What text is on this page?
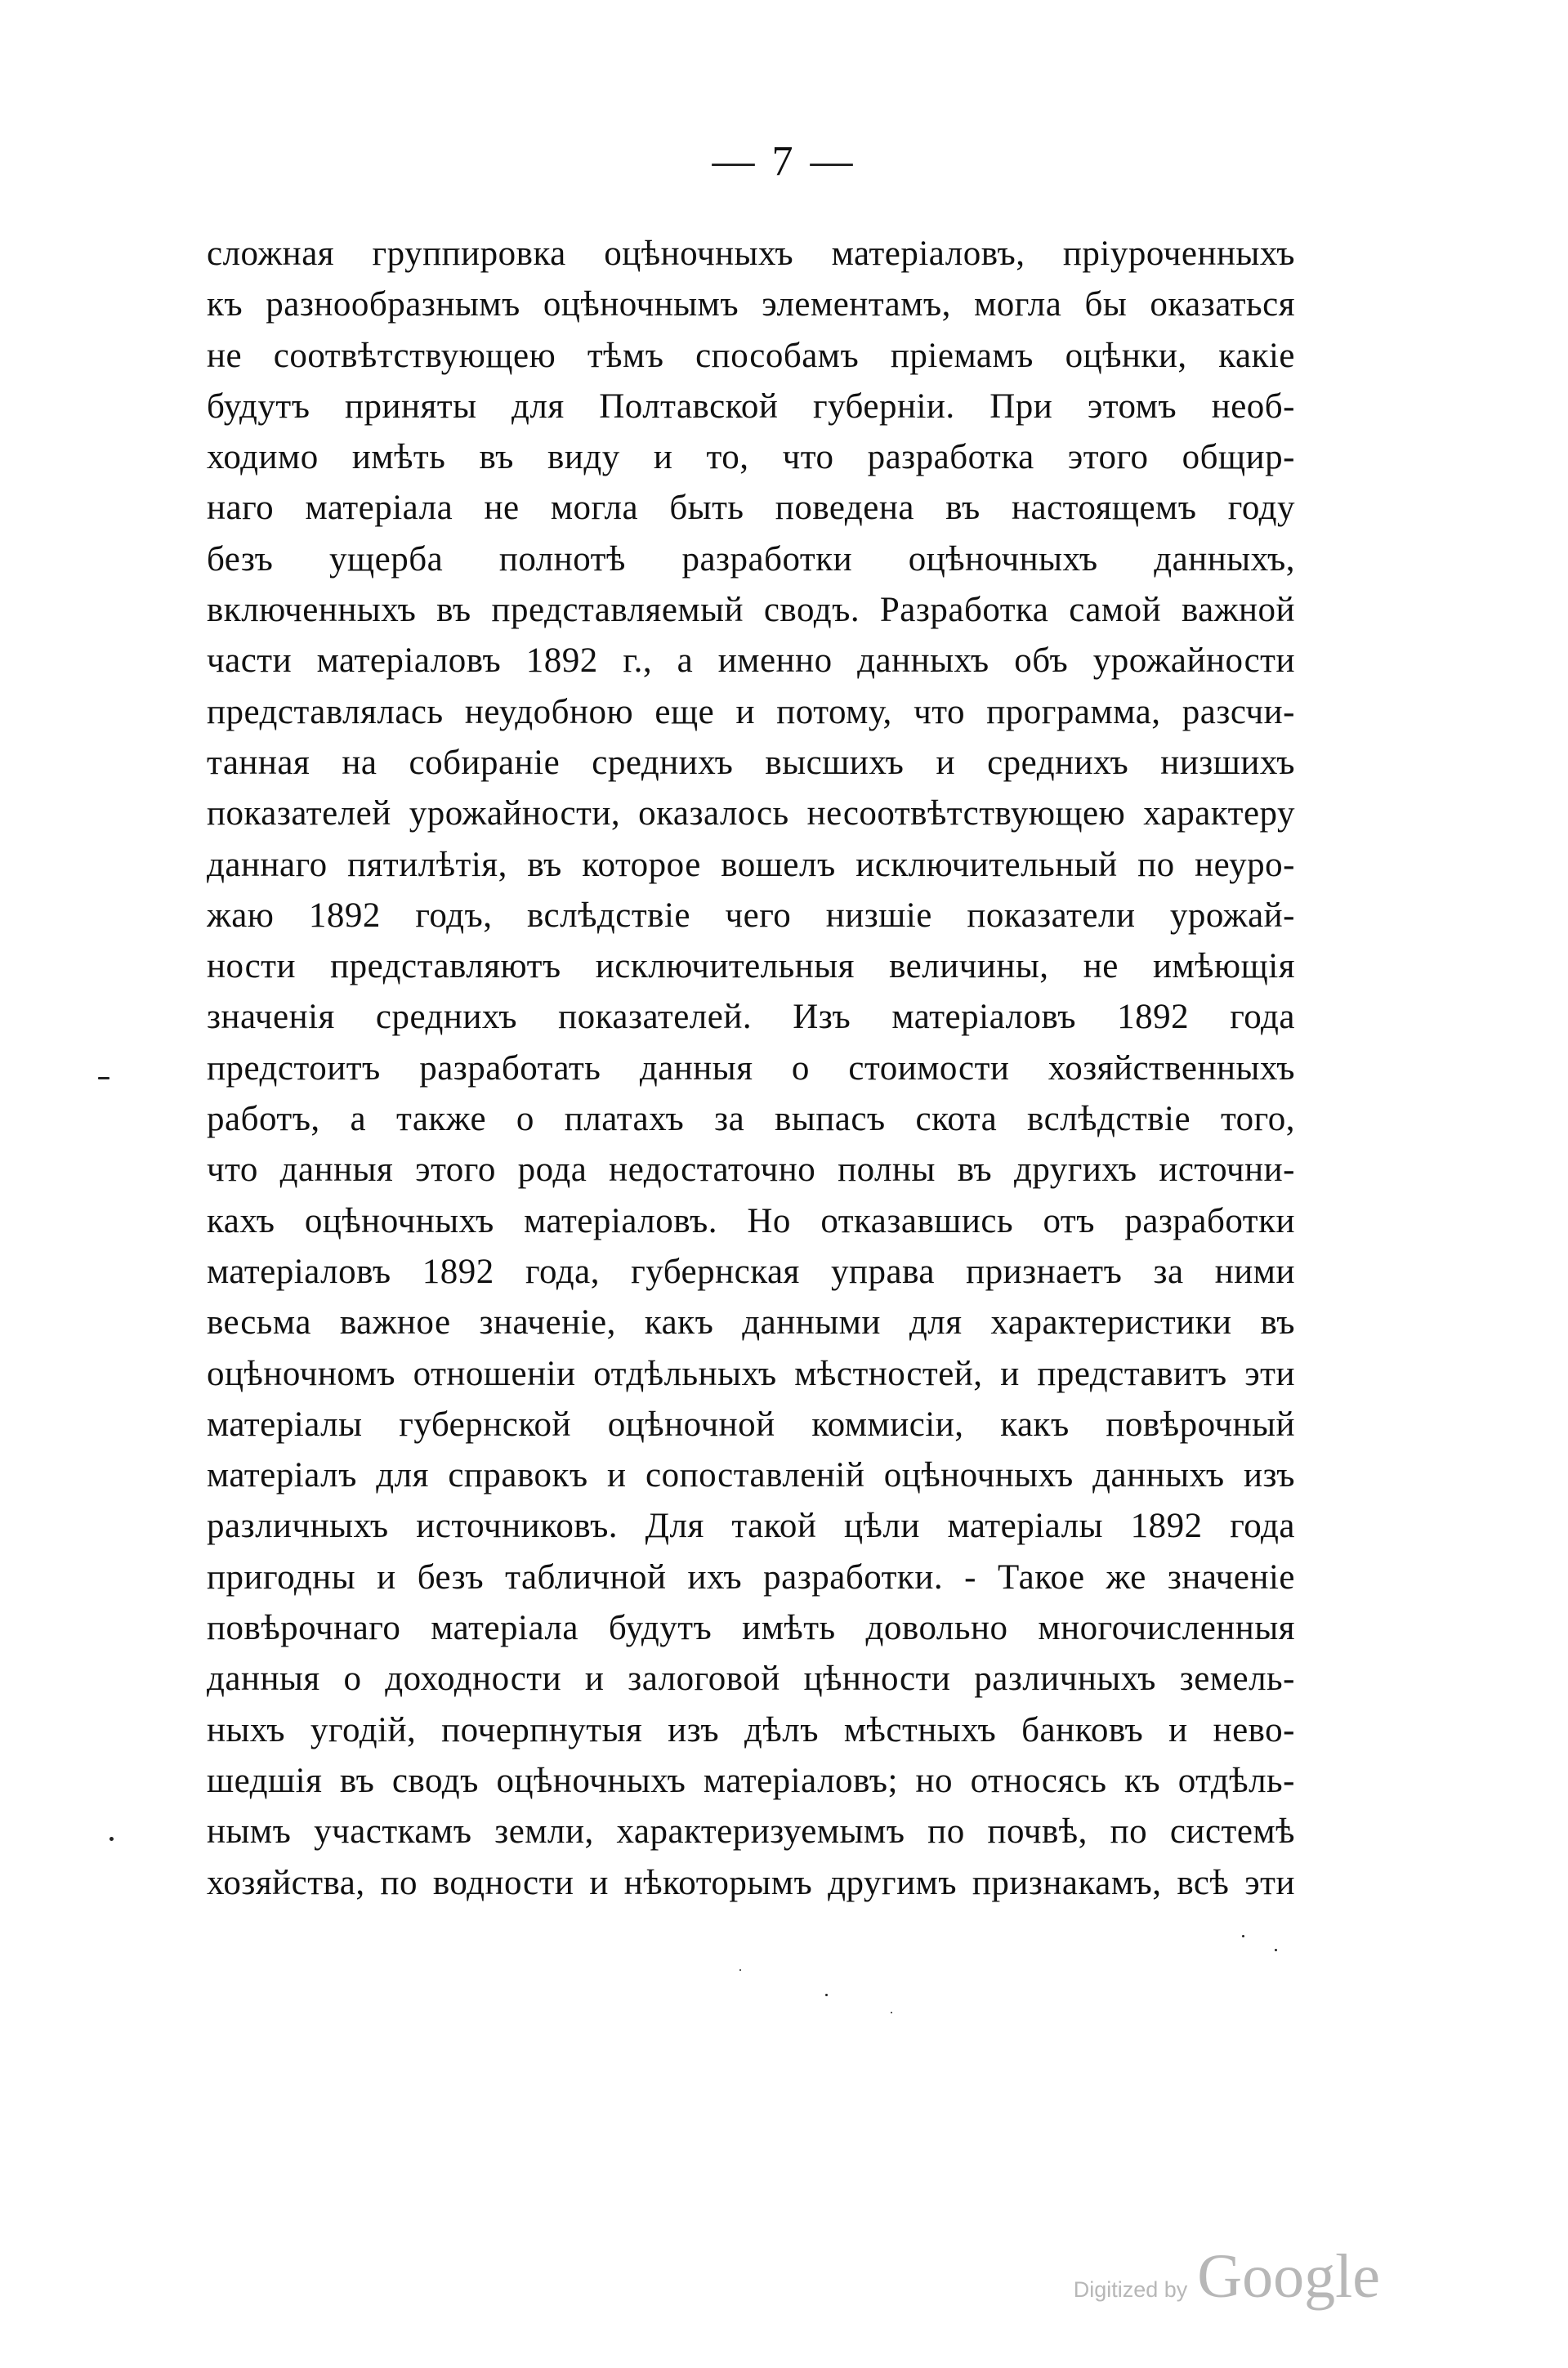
— 7 —
сложная группировка оцѣночныхъ матеріаловъ, пріуроченныхъ
къ разнообразнымъ оцѣночнымъ элементамъ, могла бы оказаться
не соотвѣтствующею тѣмъ способамъ пріемамъ оцѣнки, какіе
будутъ приняты для Полтавской губерніи. При этомъ необ-
ходимо имѣть въ виду и то, что разработка этого общир-
наго матеріала не могла быть поведена въ настоящемъ году
безъ ущерба полнотѣ разработки оцѣночныхъ данныхъ,
включенныхъ въ представляемый сводъ. Разработка самой важной
части матеріаловъ 1892 г., а именно данныхъ объ урожайности
представлялась неудобною еще и потому, что программа, разсчи-
танная на собираніе среднихъ высшихъ и среднихъ низшихъ
показателей урожайности, оказалось несоотвѣтствующею характеру
даннаго пятилѣтія, въ которое вошелъ исключительный по неуро-
жаю 1892 годъ, вслѣдствіе чего низшіе показатели урожай-
ности представляютъ исключительныя величины, не имѣющія
значенія среднихъ показателей. Изъ матеріаловъ 1892 года
предстоитъ разработать данныя о стоимости хозяйственныхъ
работъ, а также о платахъ за выпасъ скота вслѣдствіе того,
что данныя этого рода недостаточно полны въ другихъ источни-
кахъ оцѣночныхъ матеріаловъ. Но отказавшись отъ разработки
матеріаловъ 1892 года, губернская управа признаетъ за ними
весьма важное значеніе, какъ данными для характеристики въ
оцѣночномъ отношеніи отдѣльныхъ мѣстностей, и представитъ эти
матеріалы губернской оцѣночной коммисіи, какъ повѣрочный
матеріалъ для справокъ и сопоставленій оцѣночныхъ данныхъ изъ
различныхъ источниковъ. Для такой цѣли матеріалы 1892 года
пригодны и безъ табличной ихъ разработки. - Такое же значеніе
повѣрочнаго матеріала будутъ имѣть довольно многочисленныя
данныя о доходности и залоговой цѣнности различныхъ земель-
ныхъ угодій, почерпнутыя изъ дѣлъ мѣстныхъ банковъ и нево-
шедшія въ сводъ оцѣночныхъ матеріаловъ; но относясь къ отдѣль-
нымъ участкамъ земли, характеризуемымъ по почвѣ, по системѣ
хозяйства, по водности и нѣкоторымъ другимъ признакамъ, всѣ эти
Digitized by Google
